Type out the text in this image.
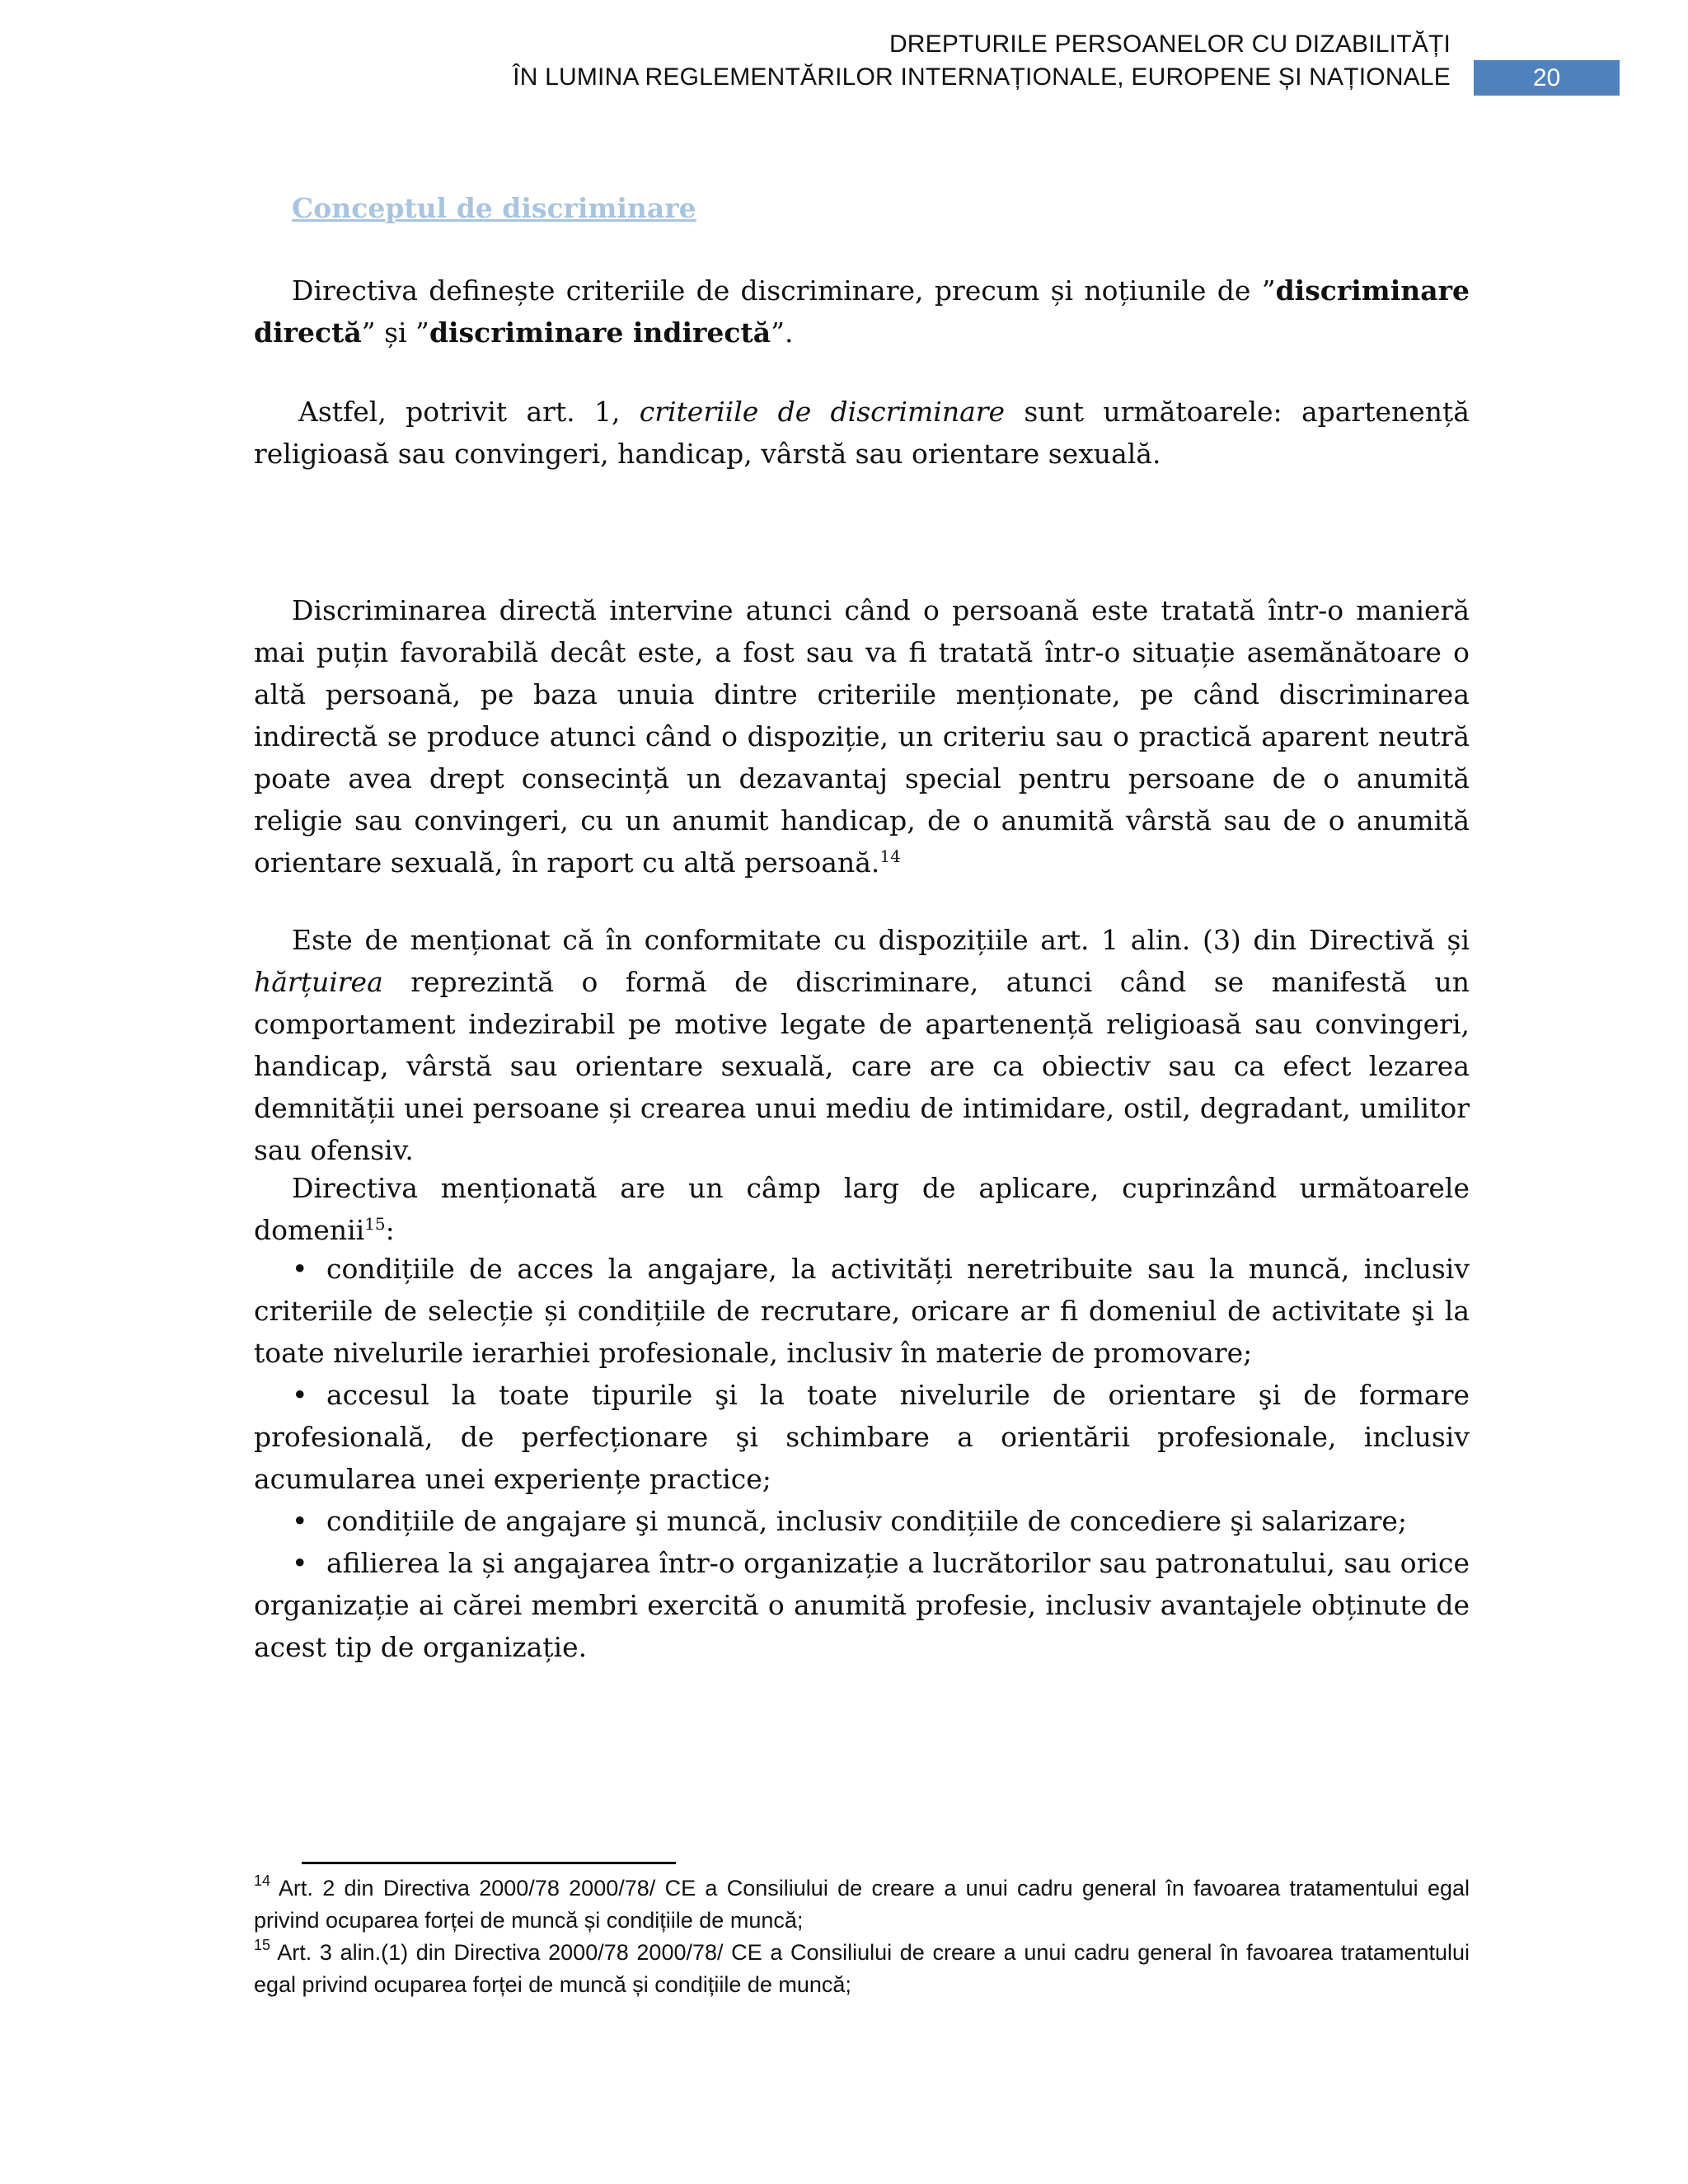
DREPTURILE PERSOANELOR CU DIZABILITĂȚI
ÎN LUMINA REGLEMENTĂRILOR INTERNAȚIONALE, EUROPENE ȘI NAȚIONALE	20
Conceptul de discriminare

Directiva definește criteriile de discriminare, precum și noțiunile de ”discriminare directă” și ”discriminare indirectă”.

Astfel, potrivit art. 1, criteriile de discriminare sunt următoarele: apartenență religioasă sau convingeri, handicap, vârstă sau orientare sexuală.

Discriminarea directă intervine atunci când o persoană este tratată într-o manieră mai puțin favorabilă decât este, a fost sau va fi tratată într-o situație asemănătoare o altă persoană, pe baza unuia dintre criteriile menționate, pe când discriminarea indirectă se produce atunci când o dispoziție, un criteriu sau o practică aparent neutră poate avea drept consecință un dezavantaj special pentru persoane de o anumită religie sau convingeri, cu un anumit handicap, de o anumită vârstă sau de o anumită orientare sexuală, în raport cu altă persoană.$^{14}$

Este de menționat că în conformitate cu dispozițiile art. 1 alin. (3) din Directivă și hărțuirea reprezintă o formă de discriminare, atunci când se manifestă un comportament indezirabil pe motive legate de apartenență religioasă sau convingeri, handicap, vârstă sau orientare sexuală, care are ca obiectiv sau ca efect lezarea demnității unei persoane și crearea unui mediu de intimidare, ostil, degradant, umilitor sau ofensiv.

Directiva menționată are un câmp larg de aplicare, cuprinzând următoarele domenii$^{15}$:

• condițiile de acces la angajare, la activități neretribuite sau la muncă, inclusiv criteriile de selecție și condițiile de recrutare, oricare ar fi domeniul de activitate şi la toate nivelurile ierarhiei profesionale, inclusiv în materie de promovare;

• accesul la toate tipurile şi la toate nivelurile de orientare şi de formare profesională, de perfecționare şi schimbare a orientării profesionale, inclusiv acumularea unei experiențe practice;

• condițiile de angajare şi muncă, inclusiv condițiile de concediere şi salarizare;

• afilierea la și angajarea într-o organizație a lucrătorilor sau patronatului, sau orice organizație ai cărei membri exercită o anumită profesie, inclusiv avantajele obținute de acest tip de organizație.

$^{14}$ Art. 2 din Directiva 2000/78 2000/78/ CE a Consiliului de creare a unui cadru general în favoarea tratamentului egal privind ocuparea forței de muncă și condițiile de muncă;
$^{15}$ Art. 3 alin.(1) din Directiva 2000/78 2000/78/ CE a Consiliului de creare a unui cadru general în favoarea tratamentului egal privind ocuparea forței de muncă și condițiile de muncă;
